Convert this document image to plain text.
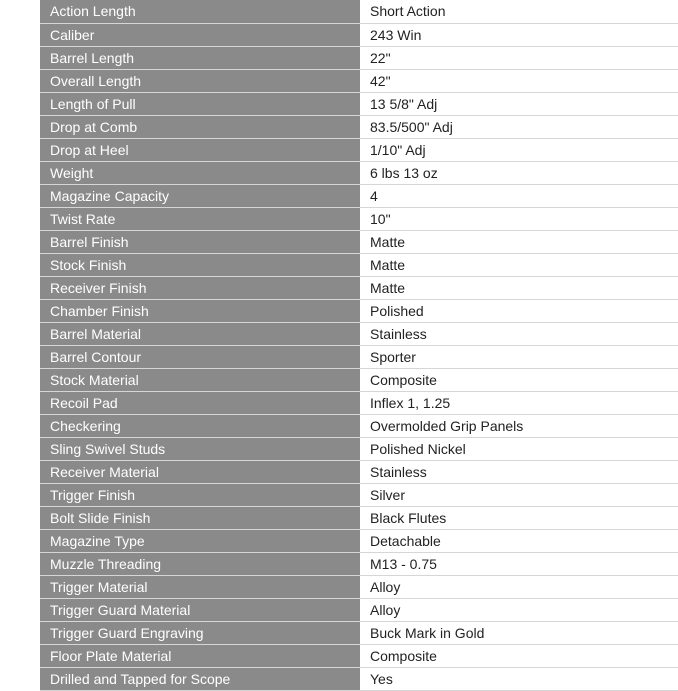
Action Length	Short Action
Caliber	243 Win
Barrel Length	22"
Overall Length	42"
Length of Pull	13 5/8" Adj
Drop at Comb	83.5/500" Adj
Drop at Heel	1/10" Adj
Weight	6 lbs 13 oz
Magazine Capacity	4
Twist Rate	10"
Barrel Finish	Matte
Stock Finish	Matte
Receiver Finish	Matte
Chamber Finish	Polished
Barrel Material	Stainless
Barrel Contour	Sporter
Stock Material	Composite
Recoil Pad	Inflex 1, 1.25
Checkering	Overmolded Grip Panels
Sling Swivel Studs	Polished Nickel
Receiver Material	Stainless
Trigger Finish	Silver
Bolt Slide Finish	Black Flutes
Magazine Type	Detachable
Muzzle Threading	M13 - 0.75
Trigger Material	Alloy
Trigger Guard Material	Alloy
Trigger Guard Engraving	Buck Mark in Gold
Floor Plate Material	Composite
Drilled and Tapped for Scope	Yes
